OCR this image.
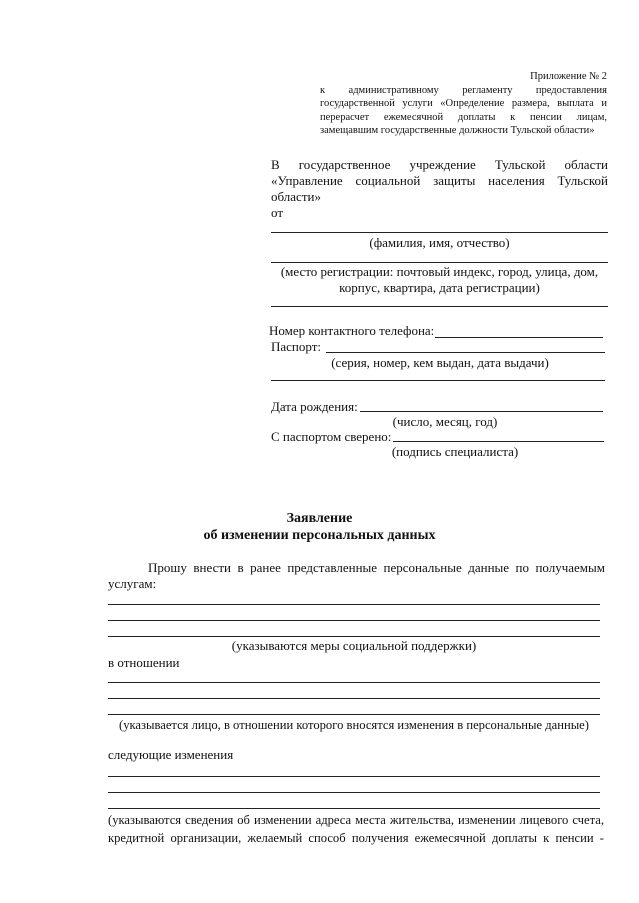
Приложение № 2
к административному регламенту предоставления
государственной услуги «Определение размера, выплата и
перерасчет ежемесячной доплаты к пенсии лицам,
замещавшим государственные должности Тульской области»
В государственное учреждение Тульской области
«Управление социальной защиты населения Тульской
области»
от
(фамилия, имя, отчество)
(место регистрации: почтовый индекс, город, улица, дом,
корпус, квартира, дата регистрации)
Номер контактного телефона:
Паспорт:
(серия, номер, кем выдан, дата выдачи)
Дата рождения:
(число, месяц, год)
С паспортом сверено:
(подпись специалиста)
Заявление
об изменении персональных данных
Прошу внести в ранее представленные персональные данные по получаемым
услугам:
(указываются меры социальной поддержки)
в отношении
(указывается лицо, в отношении которого вносятся изменения в персональные данные)
следующие изменения
(указываются сведения об изменении адреса места жительства, изменении лицевого счета,
кредитной организации, желаемый способ получения ежемесячной доплаты к пенсии -
